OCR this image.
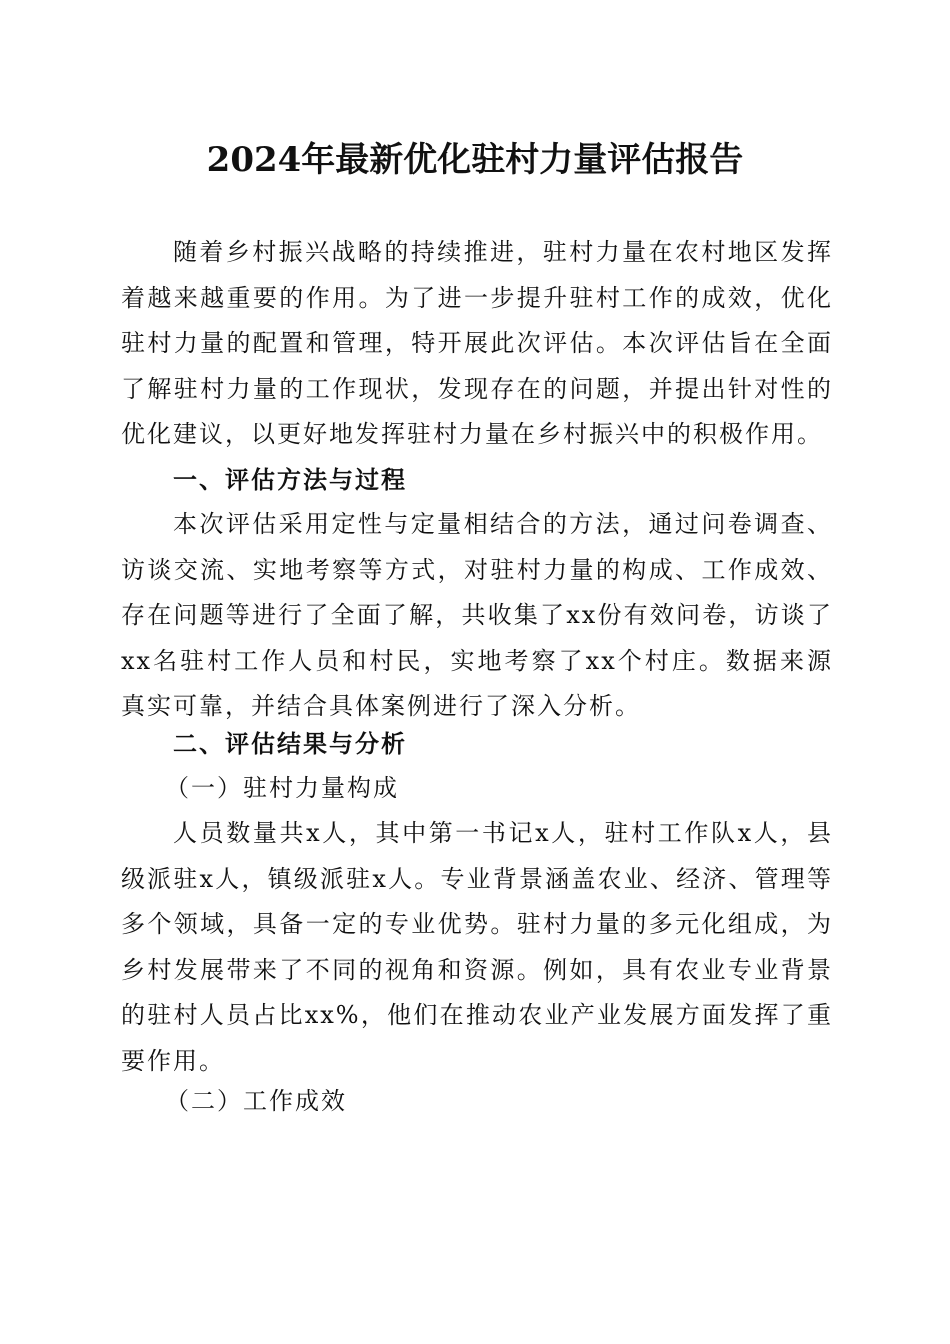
2024年最新优化驻村力量评估报告

随着乡村振兴战略的持续推进，驻村力量在农村地区发挥着越来越重要的作用。为了进一步提升驻村工作的成效，优化驻村力量的配置和管理，特开展此次评估。本次评估旨在全面了解驻村力量的工作现状，发现存在的问题，并提出针对性的优化建议，以更好地发挥驻村力量在乡村振兴中的积极作用。

一、评估方法与过程

本次评估采用定性与定量相结合的方法，通过问卷调查、访谈交流、实地考察等方式，对驻村力量的构成、工作成效、存在问题等进行了全面了解，共收集了xx份有效问卷，访谈了xx名驻村工作人员和村民，实地考察了xx个村庄。数据来源真实可靠，并结合具体案例进行了深入分析。

二、评估结果与分析

（一）驻村力量构成

人员数量共x人，其中第一书记x人，驻村工作队x人，县级派驻x人，镇级派驻x人。专业背景涵盖农业、经济、管理等多个领域，具备一定的专业优势。驻村力量的多元化组成，为乡村发展带来了不同的视角和资源。例如，具有农业专业背景的驻村人员占比xx%，他们在推动农业产业发展方面发挥了重要作用。

（二）工作成效
